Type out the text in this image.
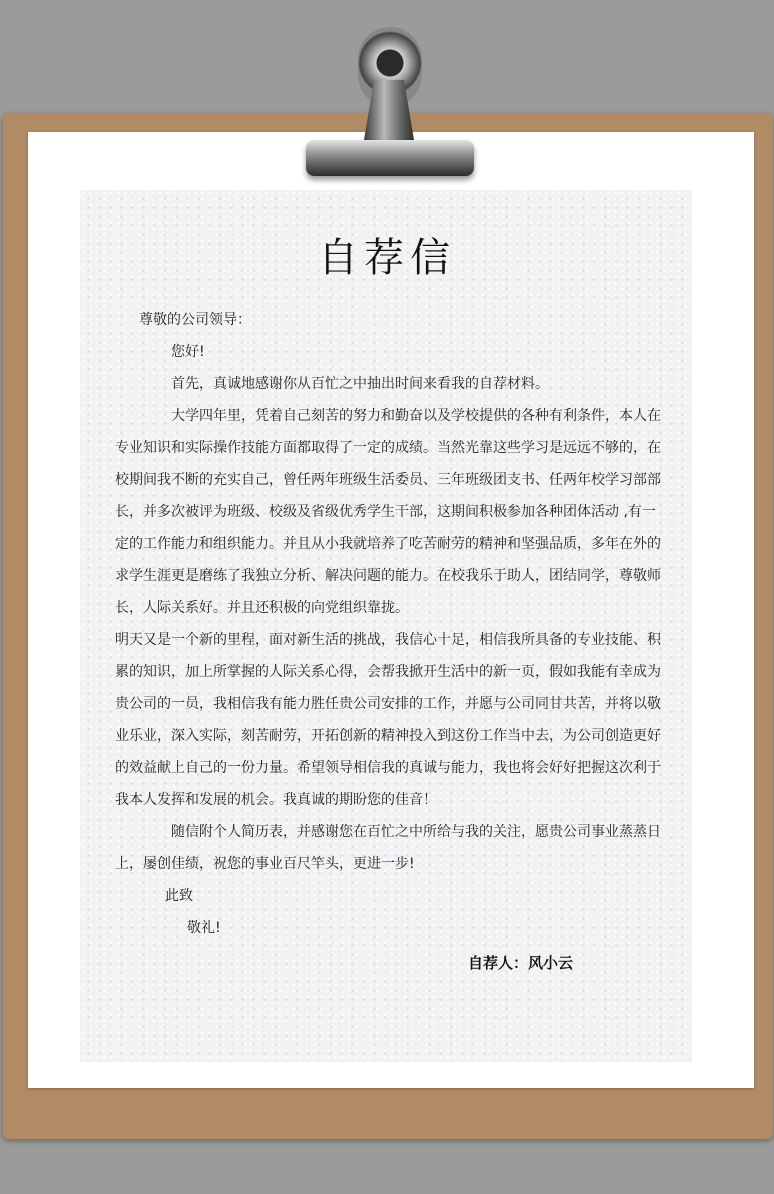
自荐信

尊敬的公司领导：

您好!

首先，真诚地感谢你从百忙之中抽出时间来看我的自荐材料。

大学四年里，凭着自己刻苦的努力和勤奋以及学校提供的各种有利条件，本人在专业知识和实际操作技能方面都取得了一定的成绩。当然光靠这些学习是远远不够的，在校期间我不断的充实自己，曾任两年班级生活委员、三年班级团支书、任两年校学习部部长，并多次被评为班级、校级及省级优秀学生干部，这期间积极参加各种团体活动 ,有一定的工作能力和组织能力。并且从小我就培养了吃苦耐劳的精神和坚强品质，多年在外的求学生涯更是磨练了我独立分析、解决问题的能力。在校我乐于助人，团结同学，尊敬师长，人际关系好。并且还积极的向党组织靠拢。

明天又是一个新的里程，面对新生活的挑战，我信心十足，相信我所具备的专业技能、积累的知识，加上所掌握的人际关系心得，会帮我掀开生活中的新一页，假如我能有幸成为贵公司的一员，我相信我有能力胜任贵公司安排的工作，并愿与公司同甘共苦，并将以敬业乐业，深入实际，刻苦耐劳，开拓创新的精神投入到这份工作当中去，为公司创造更好的效益献上自己的一份力量。希望领导相信我的真诚与能力，我也将会好好把握这次利于我本人发挥和发展的机会。我真诚的期盼您的佳音！

随信附个人简历表，并感谢您在百忙之中所给与我的关注，愿贵公司事业蒸蒸日上，屡创佳绩，祝您的事业百尺竿头，更进一步!

此致

敬礼!

自荐人：风小云
